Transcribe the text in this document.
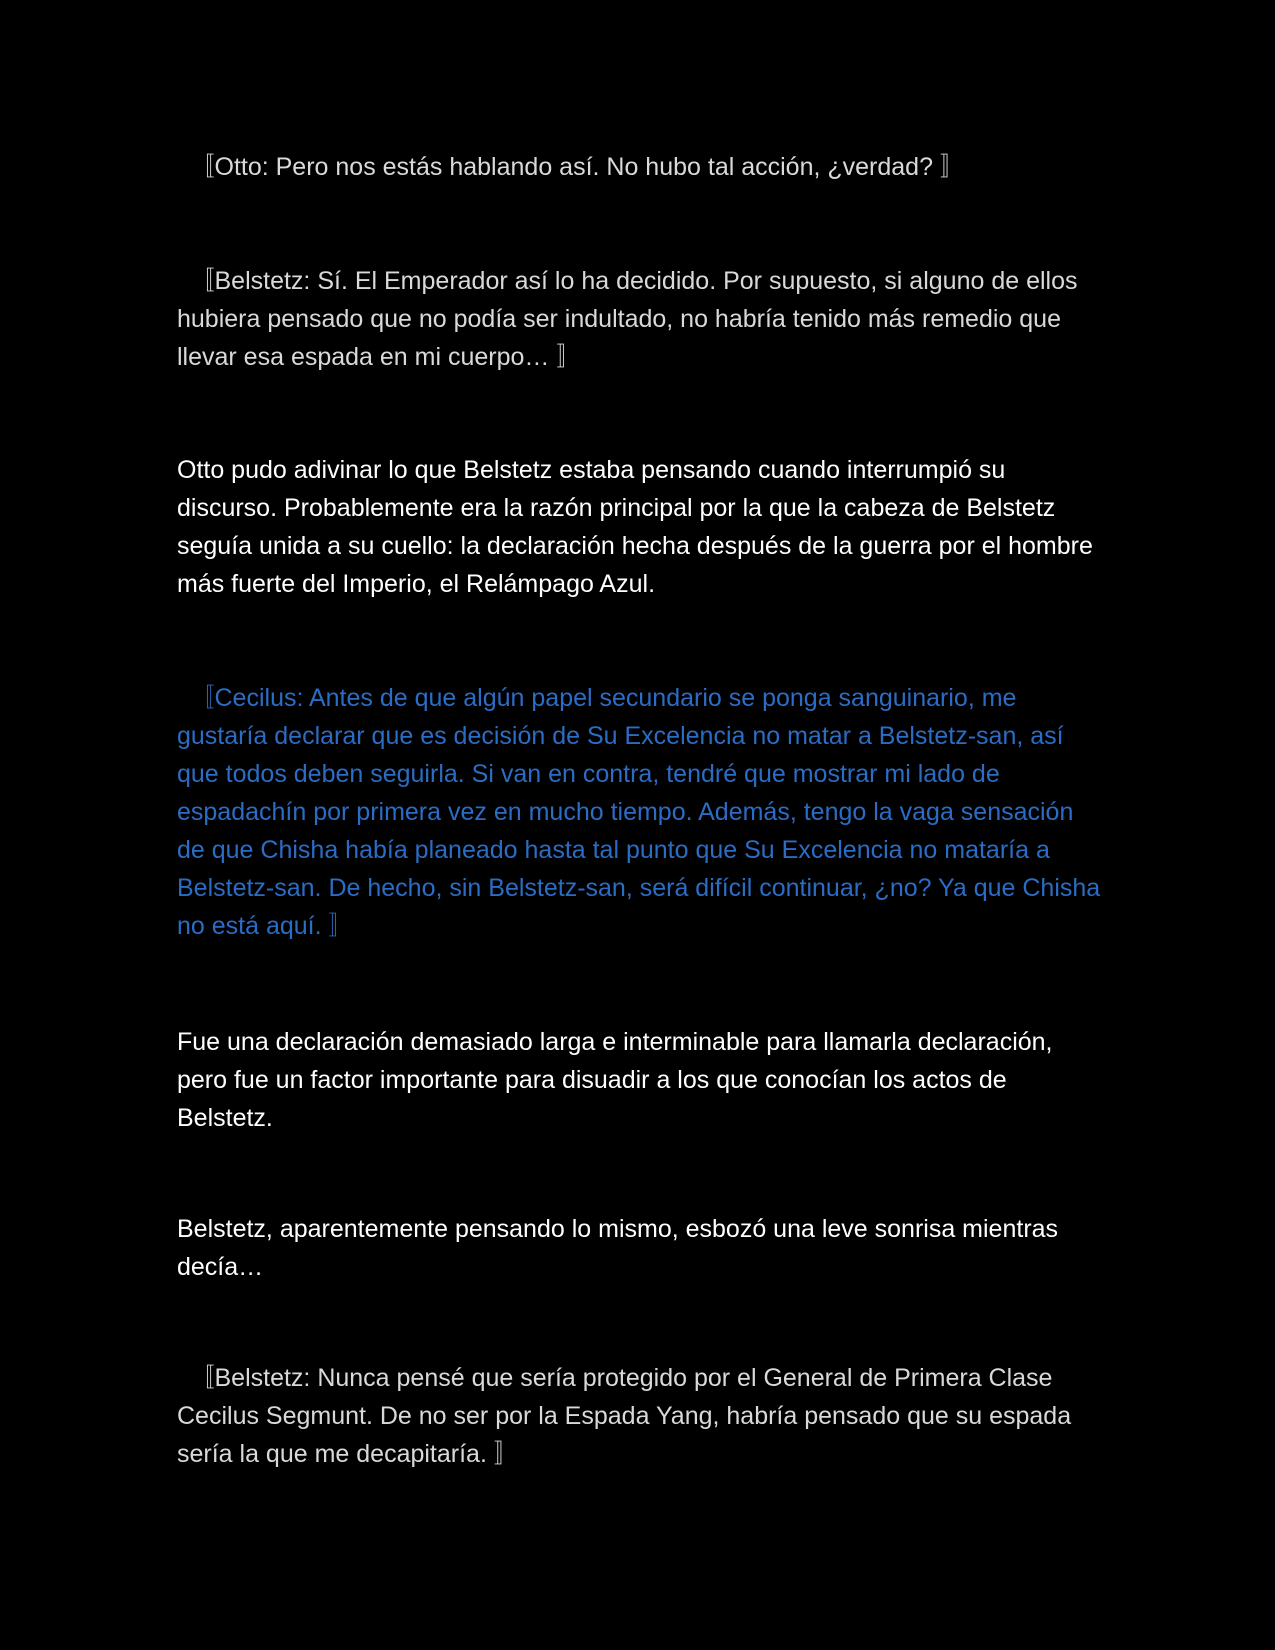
　〚Otto: Pero nos estás hablando así. No hubo tal acción, ¿verdad? 〛

　〚Belstetz: Sí. El Emperador así lo ha decidido. Por supuesto, si alguno de ellos hubiera pensado que no podía ser indultado, no habría tenido más remedio que llevar esa espada en mi cuerpo… 〛

Otto pudo adivinar lo que Belstetz estaba pensando cuando interrumpió su discurso. Probablemente era la razón principal por la que la cabeza de Belstetz seguía unida a su cuello: la declaración hecha después de la guerra por el hombre más fuerte del Imperio, el Relámpago Azul.

　〚Cecilus: Antes de que algún papel secundario se ponga sanguinario, me gustaría declarar que es decisión de Su Excelencia no matar a Belstetz-san, así que todos deben seguirla. Si van en contra, tendré que mostrar mi lado de espadachín por primera vez en mucho tiempo. Además, tengo la vaga sensación de que Chisha había planeado hasta tal punto que Su Excelencia no mataría a Belstetz-san. De hecho, sin Belstetz-san, será difícil continuar, ¿no? Ya que Chisha no está aquí. 〛

Fue una declaración demasiado larga e interminable para llamarla declaración, pero fue un factor importante para disuadir a los que conocían los actos de Belstetz.

Belstetz, aparentemente pensando lo mismo, esbozó una leve sonrisa mientras decía…

　〚Belstetz: Nunca pensé que sería protegido por el General de Primera Clase Cecilus Segmunt. De no ser por la Espada Yang, habría pensado que su espada sería la que me decapitaría. 〛
